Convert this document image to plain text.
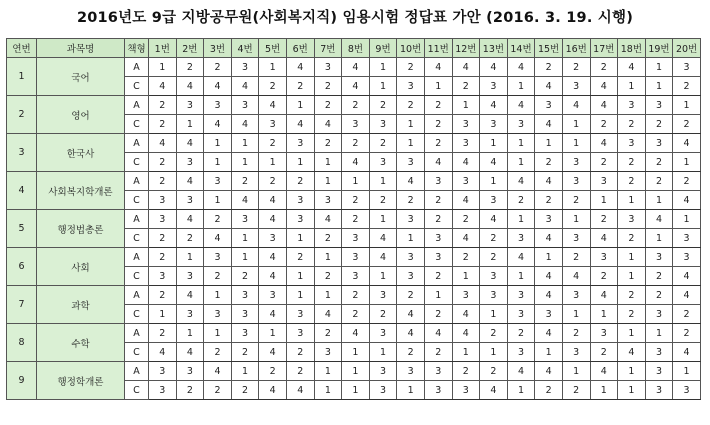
2016년도 9급 지방공무원(사회복지직) 임용시험 정답표 가안 (2016. 3. 19. 시행)
연번	과목명	책형	1번	2번	3번	4번	5번	6번	7번	8번	9번	10번	11번	12번	13번	14번	15번	16번	17번	18번	19번	20번
1	국어	A	1	2	2	3	1	4	3	4	1	2	4	4	4	4	2	2	2	4	1	3
		C	4	4	4	4	2	2	2	4	1	3	1	2	3	1	4	3	4	1	1	2
2	영어	A	2	3	3	3	4	1	2	2	2	2	2	1	4	4	3	4	4	3	3	1
		C	2	1	4	4	3	4	4	3	3	1	2	3	3	3	4	1	2	2	2	2
3	한국사	A	4	4	1	1	2	3	2	2	2	1	2	3	1	1	1	1	4	3	3	4
		C	2	3	1	1	1	1	1	4	3	3	4	4	4	1	2	3	2	2	2	1
4	사회복지학개론	A	2	4	3	2	2	2	1	1	1	4	3	3	1	4	4	3	3	2	2	2
		C	3	3	1	4	4	3	3	2	2	2	2	4	3	2	2	2	1	1	1	4
5	행정법총론	A	3	4	2	3	4	3	4	2	1	3	2	2	4	1	3	1	2	3	4	1
		C	2	2	4	1	3	1	2	3	4	1	3	4	2	3	4	3	4	2	1	3
6	사회	A	2	1	3	1	4	2	1	3	4	3	3	2	2	4	1	2	3	1	3	3
		C	3	3	2	2	4	1	2	3	1	3	2	1	3	1	4	4	2	1	2	4
7	과학	A	2	4	1	3	3	1	1	2	3	2	1	3	3	3	4	3	4	2	2	4
		C	1	3	3	3	4	3	4	2	2	4	2	4	1	3	3	1	1	2	3	2
8	수학	A	2	1	1	3	1	3	2	4	3	4	4	4	2	2	4	2	3	1	1	2
		C	4	4	2	2	4	2	3	1	1	2	2	1	1	3	1	3	2	4	3	4
9	행정학개론	A	3	3	4	1	2	2	1	1	3	3	3	2	2	4	4	1	4	1	3	1
		C	3	2	2	2	4	4	1	1	3	1	3	3	4	1	2	2	1	1	3	3
